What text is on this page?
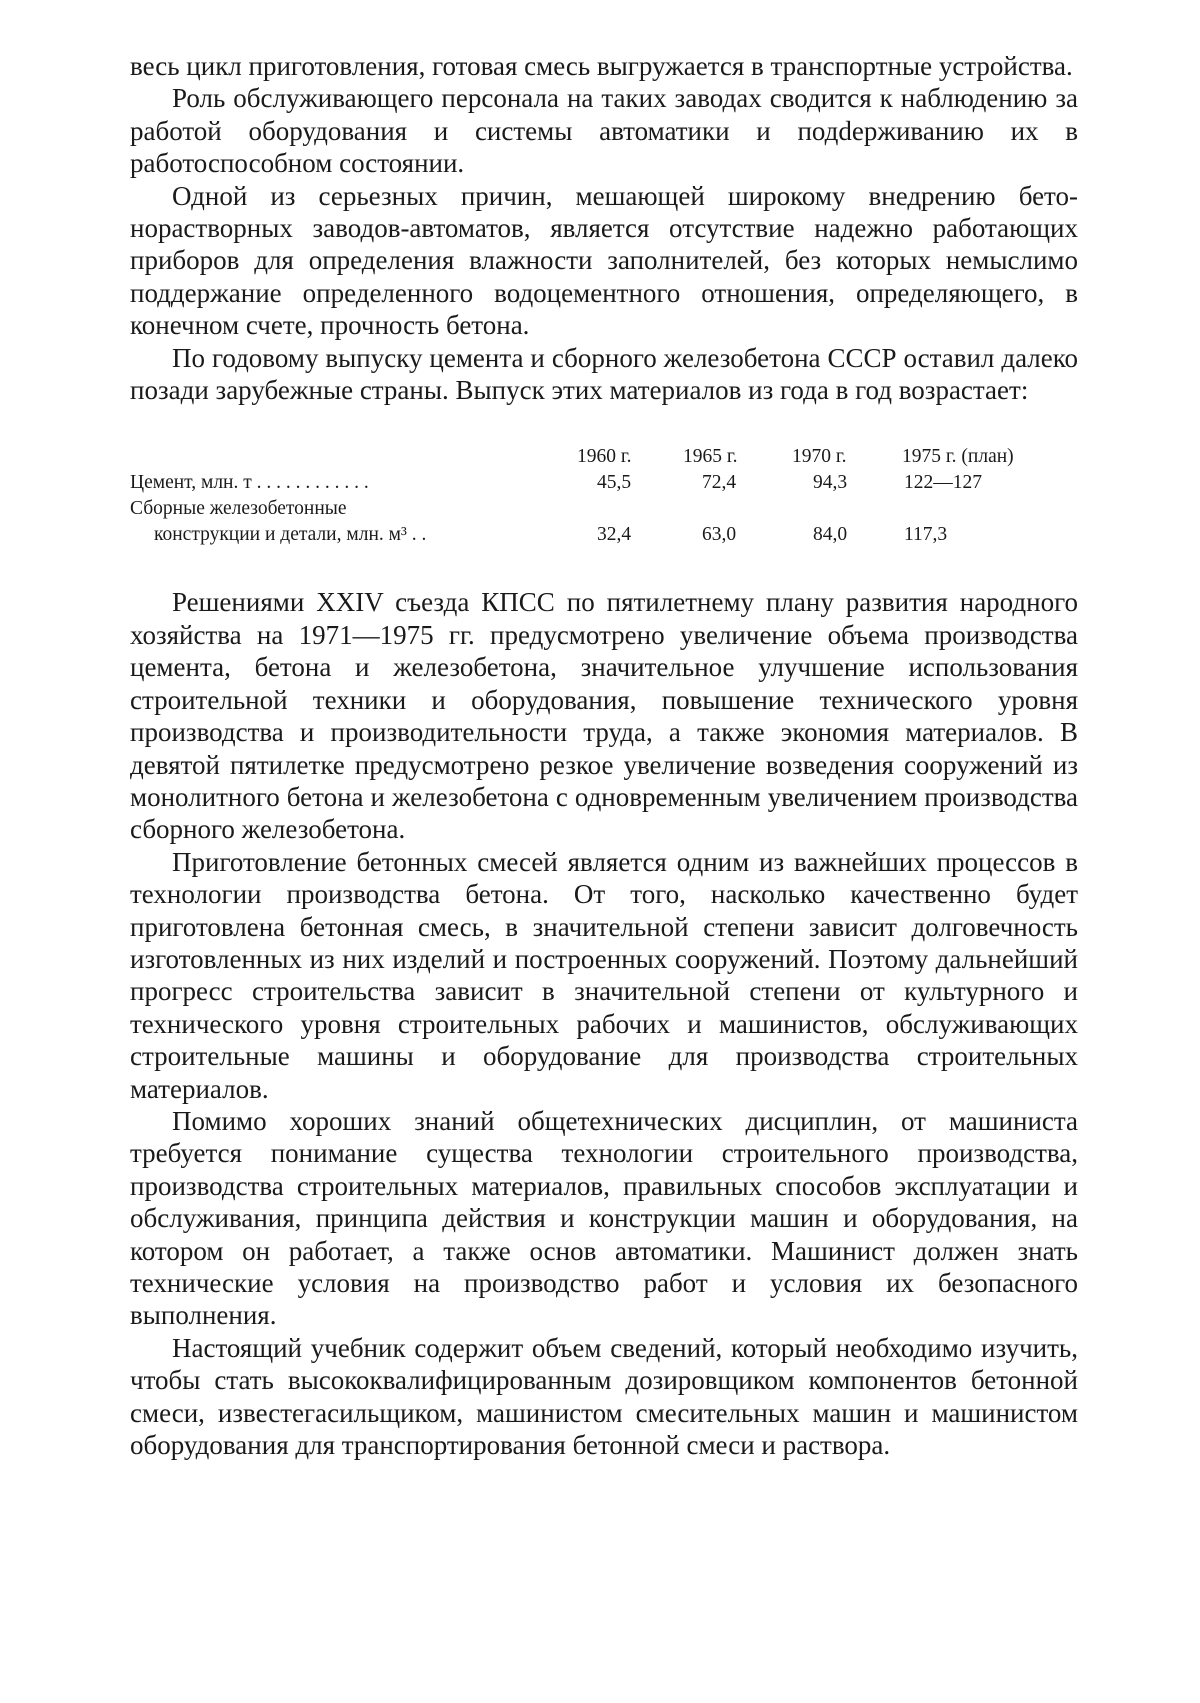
весь цикл приготовления, готовая смесь выгружается в транспортные устройства.

Роль обслуживающего персонала на таких заводах сводится к наблюдению за работой оборудования и системы автоматики и подdерживанию их в работоспособном состоянии.

Одной из серьезных причин, мешающей широкому внедрению бетонорастворных заводов-автоматов, является отсутствие надежно работающих приборов для определения влажности заполнителей, без которых немыслимо поддержание определенного водоцементного отношения, определяющего, в конечном счете, прочность бетона.

По годовому выпуску цемента и сборного железобетона СССР оставил далеко позади зарубежные страны. Выпуск этих материалов из года в год возрастает:

1960 г.	1965 г.	1970 г.	1975 г. (план)
Цемент, млн. т . . . . . . . . . . . .	45,5	72,4	94,3	122—127
Сборные железобетонные
конструкции и детали, млн. м³ . .	32,4	63,0	84,0	117,3

Решениями XXIV съезда КПСС по пятилетнему плану развития народного хозяйства на 1971—1975 гг. предусмотрено увеличение объема производства цемента, бетона и железобетона, значительное улучшение использования строительной техники и оборудования, повышение технического уровня производства и производительности труда, а также экономия материалов. В девятой пятилетке предусмотрено резкое увеличение возведения сооружений из монолитного бетона и железобетона с одновременным увеличением производства сборного железобетона.

Приготовление бетонных смесей является одним из важнейших процессов в технологии производства бетона. От того, насколько качественно будет приготовлена бетонная смесь, в значительной степени зависит долговечность изготовленных из них изделий и построенных сооружений. Поэтому дальнейший прогресс строительства зависит в значительной степени от культурного и технического уровня строительных рабочих и машинистов, обслуживающих строительные машины и оборудование для производства строительных материалов.

Помимо хороших знаний общетехнических дисциплин, от машиниста требуется понимание существа технологии строительного производства, производства строительных материалов, правильных способов эксплуатации и обслуживания, принципа действия и конструкции машин и оборудования, на котором он работает, а также основ автоматики. Машинист должен знать технические условия на производство работ и условия их безопасного выполнения.

Настоящий учебник содержит объем сведений, который необходимо изучить, чтобы стать высококвалифицированным дозировщиком компонентов бетонной смеси, известегасильщиком, машинистом смесительных машин и машинистом оборудования для транспортирования бетонной смеси и раствора.
